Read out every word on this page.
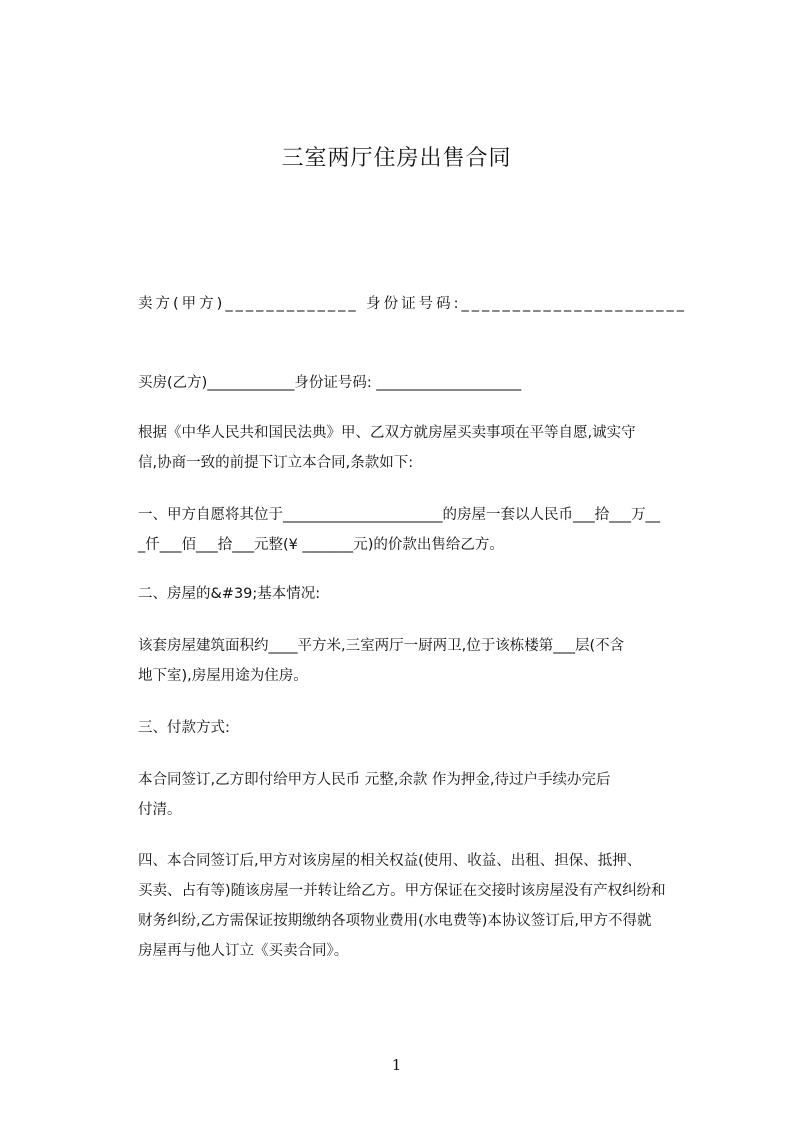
三室两厅住房出售合同
卖方(甲方)_____________ 身份证号码:______________________
买房(乙方)____________身份证号码: ____________________
根据《中华人民共和国民法典》甲、乙双方就房屋买卖事项在平等自愿,诚实守
信,协商一致的前提下订立本合同,条款如下:
一、甲方自愿将其位于______________________的房屋一套以人民币___拾___万__
_仟___佰___拾___元整(¥ _______元)的价款出售给乙方。
二、房屋的&#39;基本情况:
该套房屋建筑面积约____平方米,三室两厅一厨两卫,位于该栋楼第___层(不含
地下室),房屋用途为住房。
三、付款方式:
本合同签订,乙方即付给甲方人民币 元整,余款 作为押金,待过户手续办完后
付清。
四、本合同签订后,甲方对该房屋的相关权益(使用、收益、出租、担保、抵押、
买卖、占有等)随该房屋一并转让给乙方。甲方保证在交接时该房屋没有产权纠纷和
财务纠纷,乙方需保证按期缴纳各项物业费用(水电费等)本协议签订后,甲方不得就
房屋再与他人订立《买卖合同》。
1
